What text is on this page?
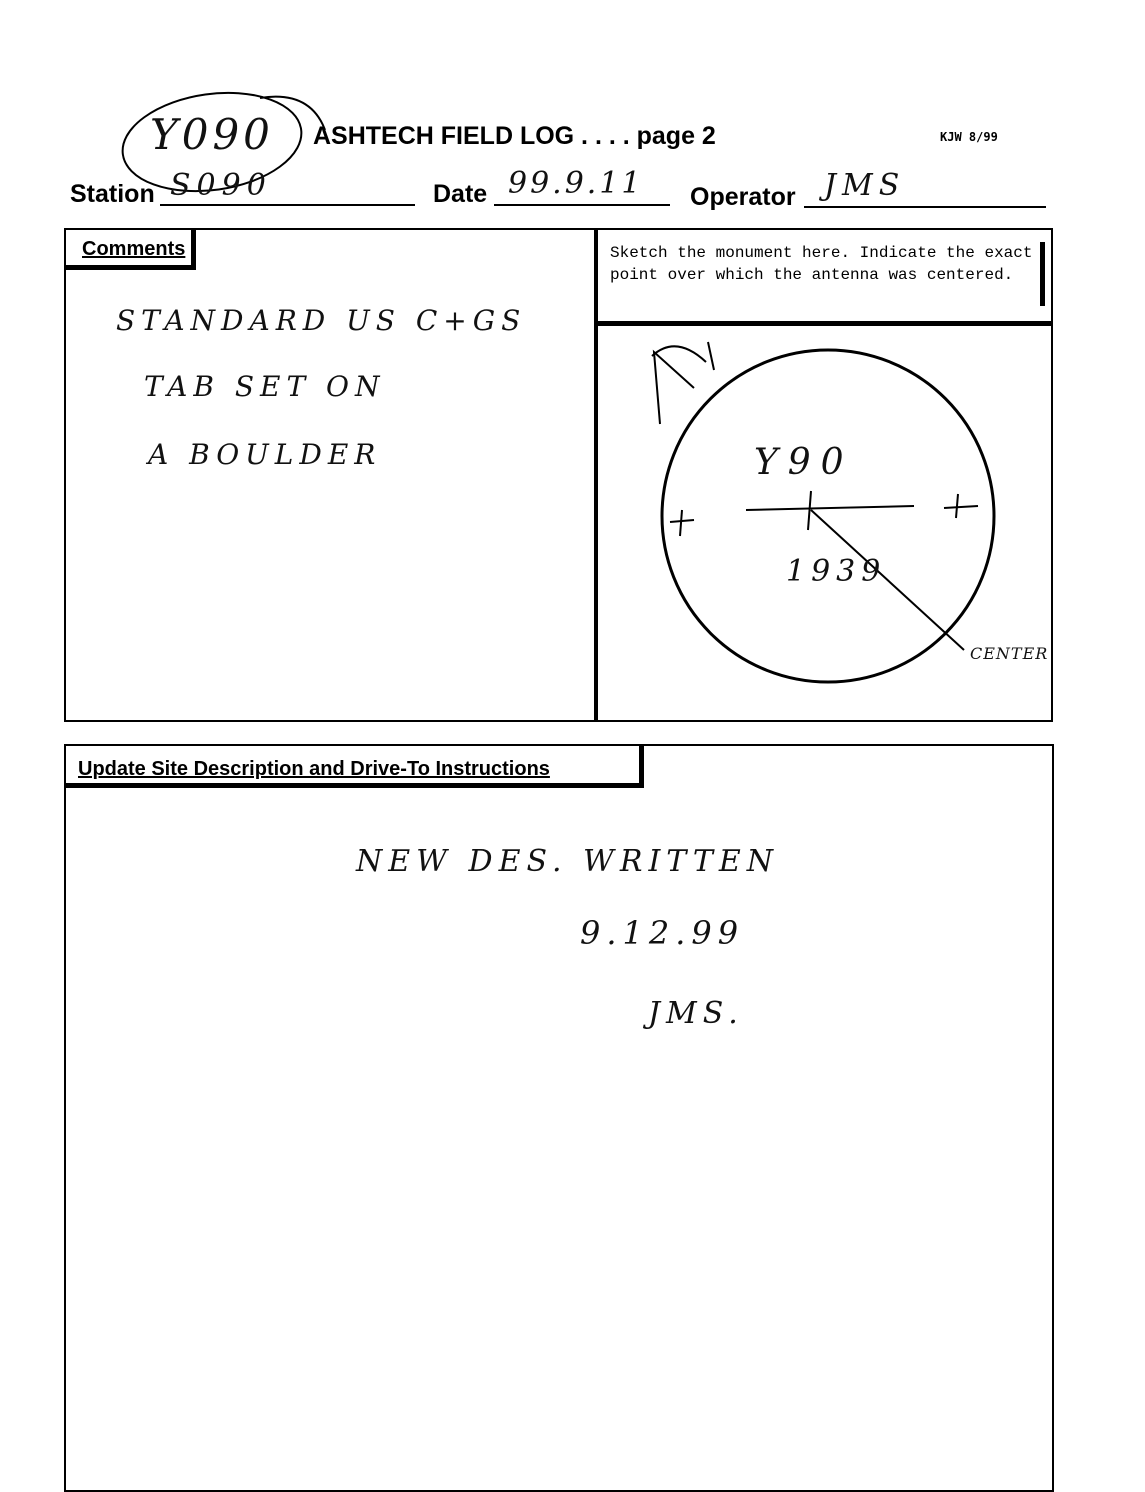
Y090 ASHTECH FIELD LOG . . . . page 2	KJW 8/99
Station S090	Date 99.9.11 Operator JMS
Comments
STANDARD US C+GS
TAB SET ON
A BOULDER
Sketch the monument here. Indicate the exact point over which the antenna was centered.
Y90
1939
CENTER
Update Site Description and Drive-To Instructions
NEW DES. WRITTEN
9.12.99
JMS.
